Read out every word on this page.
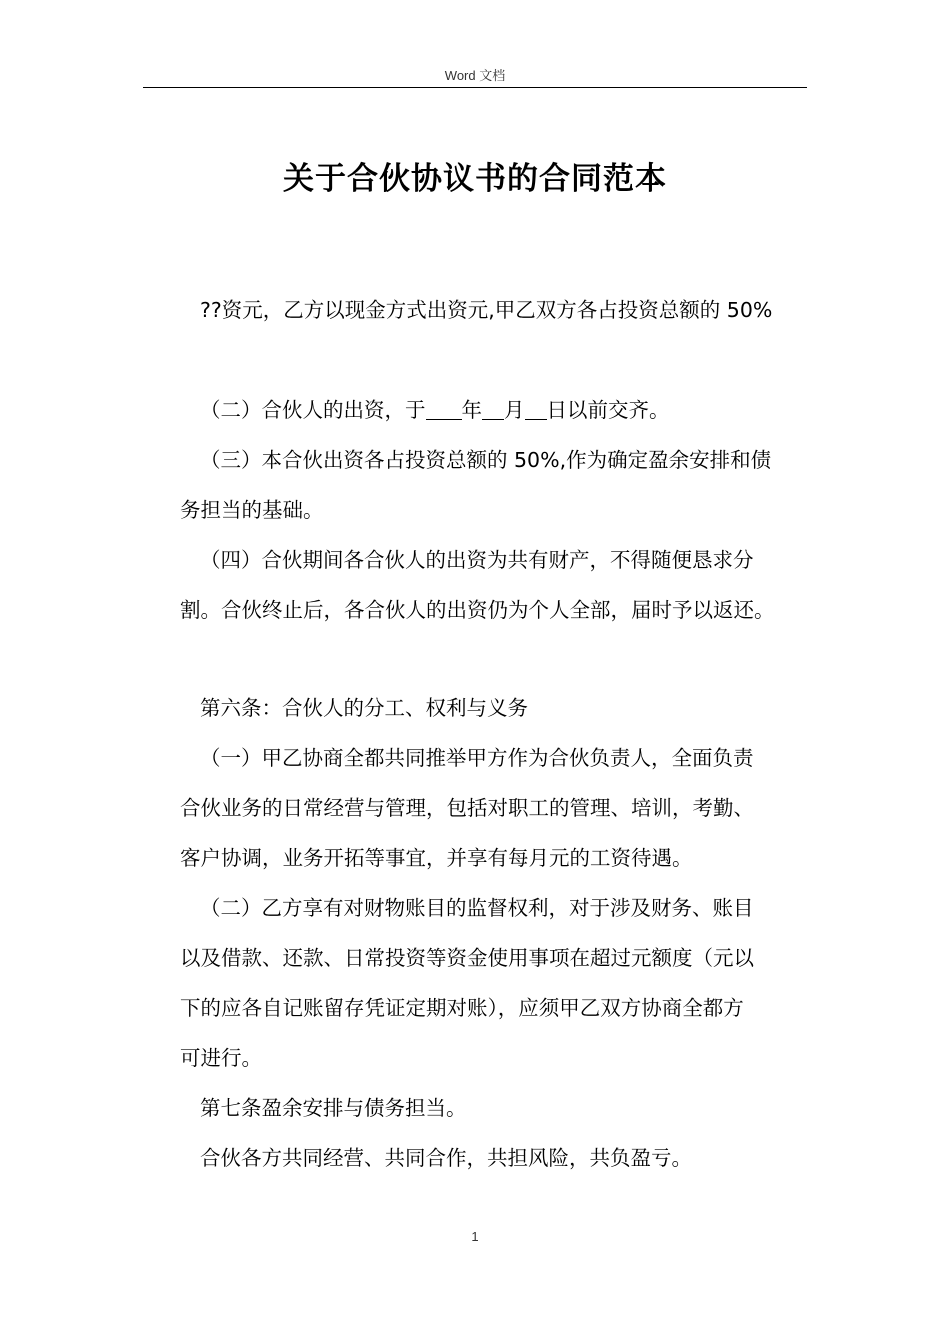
Word 文档
关于合伙协议书的合同范本
??资元，乙方以现金方式出资元,甲乙双方各占投资总额的 50%
（二）合伙人的出资，于 年 月 日以前交齐。
（三）本合伙出资各占投资总额的 50%,作为确定盈余安排和债
务担当的基础。
（四）合伙期间各合伙人的出资为共有财产，不得随便恳求分
割。合伙终止后，各合伙人的出资仍为个人全部，届时予以返还。
第六条：合伙人的分工、权利与义务
（一）甲乙协商全都共同推举甲方作为合伙负责人，全面负责
合伙业务的日常经营与管理，包括对职工的管理、培训，考勤、
客户协调，业务开拓等事宜，并享有每月元的工资待遇。
（二）乙方享有对财物账目的监督权利，对于涉及财务、账目
以及借款、还款、日常投资等资金使用事项在超过元额度（元以
下的应各自记账留存凭证定期对账），应须甲乙双方协商全都方
可进行。
第七条盈余安排与债务担当。
合伙各方共同经营、共同合作，共担风险，共负盈亏。
1
